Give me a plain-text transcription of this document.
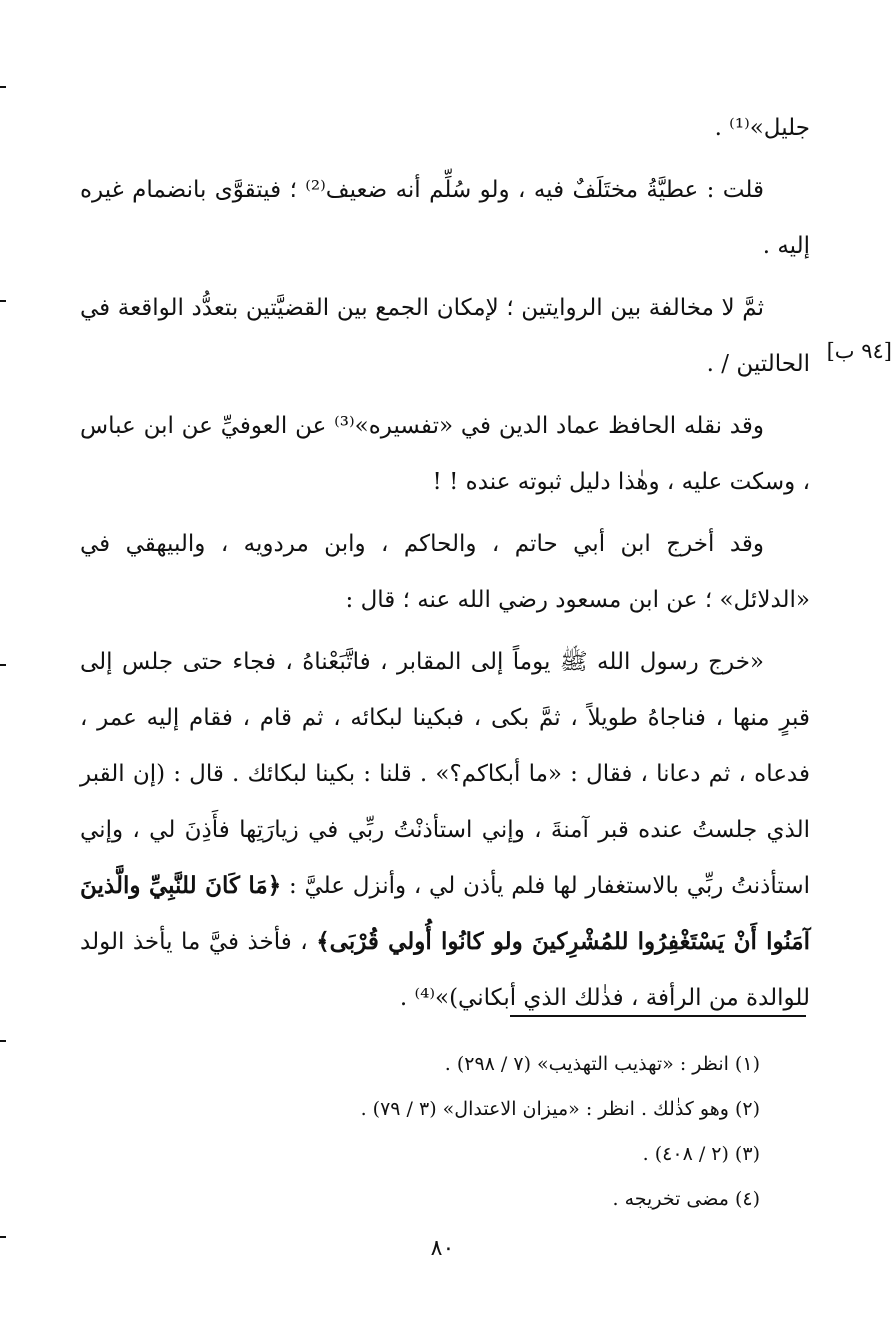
جليل»⁽¹⁾ .

قلت : عطيَّةُ مختَلَفٌ فيه ، ولو سُلِّم أنه ضعيف⁽²⁾ ؛ فيتقوَّى بانضمام غيره إليه .

ثمَّ لا مخالفة بين الروايتين ؛ لإمكان الجمع بين القضيَّتين بتعدُّد الواقعة في الحالتين / .

وقد نقله الحافظ عماد الدين في «تفسيره»⁽³⁾ عن العوفيِّ عن ابن عباس ، وسكت عليه ، وهٰذا دليل ثبوته عنده ! !

وقد أخرج ابن أبي حاتم ، والحاكم ، وابن مردويه ، والبيهقي في «الدلائل» ؛ عن ابن مسعود رضي الله عنه ؛ قال :

«خرج رسول الله ﷺ يوماً إلى المقابر ، فاتَّبَعْناهُ ، فجاء حتى جلس إلى قبرٍ منها ، فناجاهُ طويلاً ، ثمَّ بكى ، فبكينا لبكائه ، ثم قام ، فقام إليه عمر ، فدعاه ، ثم دعانا ، فقال : «ما أبكاكم؟» . قلنا : بكينا لبكائك . قال : (إن القبر الذي جلستُ عنده قبر آمنةَ ، وإني استأذنْتُ ربِّي في زيارَتِها فأَذِنَ لي ، وإني استأذنتُ ربِّي بالاستغفار لها فلم يأذن لي ، وأنزل عليَّ : ﴿مَا كَانَ للنَّبِيِّ والَّذينَ آمَنُوا أَنْ يَسْتَغْفِرُوا للمُشْرِكينَ ولو كانُوا أُولي قُرْبَى﴾ ، فأخذ فيَّ ما يأخذ الولد للوالدة من الرأفة ، فذٰلك الذي أبكاني)»⁽⁴⁾ .

[٩٤ ب]
(١) انظر : «تهذيب التهذيب» (٧ / ٢٩٨) .
(٢) وهو كذٰلك . انظر : «ميزان الاعتدال» (٣ / ٧٩) .
(٣) (٢ / ٤٠٨) .
(٤) مضى تخريجه .
٨٠
